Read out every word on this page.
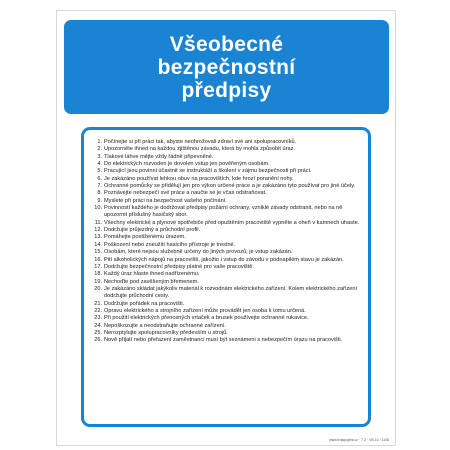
Všeobecné bezpečnostní předpisy
1. Počínejte si při práci tak, abyste neohrožovali zdraví své ani spolupracovníků.
2. Upozorněte ihned na každou zjištěnou závadu, která by mohla způsobit úraz.
3. Tlakové láhve mějte vždy řádně připevněné.
4. Do elektrických rozvoden je dovolen vstup jen pověřeným osobám.
5. Pracující jsou povinni účastnit se instruktáží a školení v zájmu bezpečnosti při práci.
6. Je zakázáno používat lehkou obuv na pracovištích, kde hrozí poranění nohy.
7. Ochranné pomůcky se přidělují jen pro výkon určené práce a je zakázáno tyto používat pro jiné účely.
8. Poznávejte nebezpečí své práce a naučte se je včas odstraňovat.
9. Myslete při práci na bezpečnost vašeho počínání.
10. Povinností každého je dodržovat předpisy požární ochrany, vzniklé závady odstranit, nebo na ně upozornit příslušný hasičský sbor.
11. Všechny elektrické a plynové spotřebiče před opuštěním pracoviště vypněte a oheň v kamnech uhaste.
12. Dodržujte průjezdný a průchodní profil.
13. Pomáhejte postiženému úrazem.
14. Poškození nebo zneužití hasicího přístroje je trestné.
15. Osobám, které nejsou služebně určeny do jiných provozů, je vstup zakázán.
16. Pití alkoholických nápojů na pracovišti, jakožto i vstup do závodu v podnapilém stavu je zakázán.
17. Dodržujte bezpečnostní předpisy platné pro vaše pracoviště.
18. Každý úraz hlaste ihned nadřízenému.
19. Nechoďte pod zavěšeným břemenem.
20. Je zakázáno skládat jakýkoliv materiál k rozvodnám elektrického zařízení. Kolem elektrického zařízení dodržujte průchodní cesty.
21. Dodržujte pořádek na pracovišti.
22. Opravu elektrického a strojního zařízení může provádět jen osoba k tomu určená.
23. Při použití elektrických přenosných vrtaček a brusek používejte ochranné rukavice.
24. Nepoškozujte a neodstraňujte ochranné zařízení.
25. Nerozptylujte spolupracovníky především u strojů.
26. Nově přijatí nebo přeřazení zaměstnanci musí být seznámeni s nebezpečím úrazu na pracovišti.
www.trojspojeni.cz · 7.2 · VB 10 / 1108
